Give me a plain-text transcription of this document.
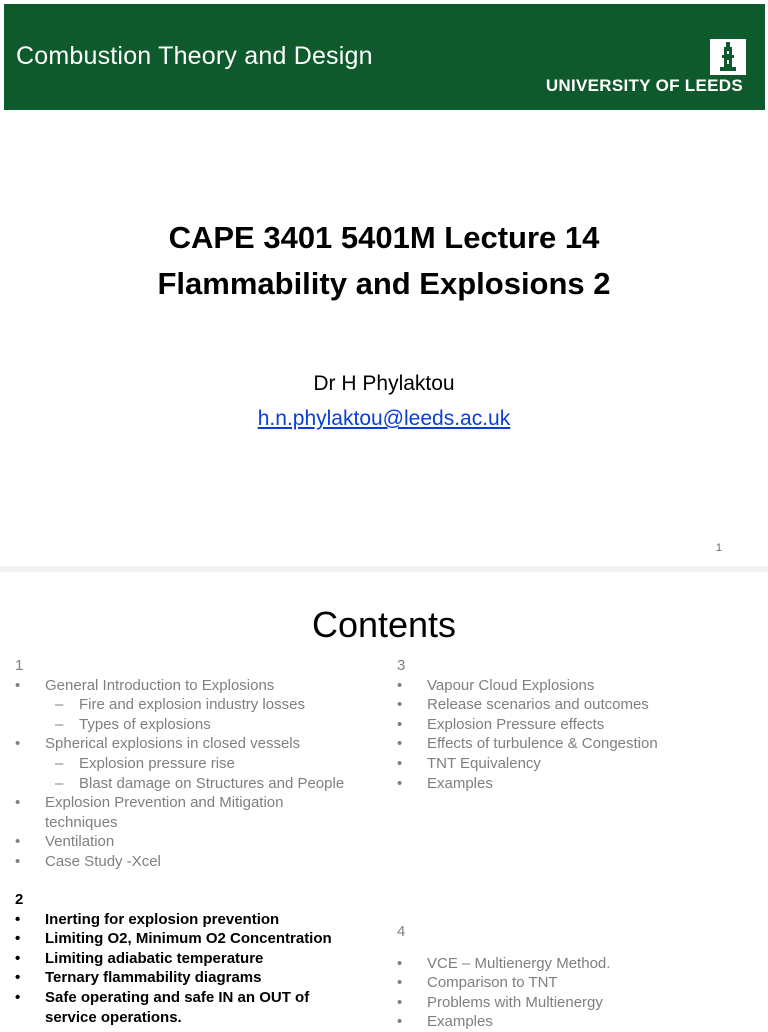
Combustion Theory and Design
UNIVERSITY OF LEEDS
CAPE 3401 5401M Lecture 14
Flammability and Explosions 2
Dr H Phylaktou
h.n.phylaktou@leeds.ac.uk
1
Contents
1
• General Introduction to Explosions
– Fire and explosion industry losses
– Types of explosions
• Spherical explosions in closed vessels
– Explosion pressure rise
– Blast damage on Structures and People
• Explosion Prevention and Mitigation techniques
• Ventilation
• Case Study -Xcel
2
• Inerting for explosion prevention
• Limiting O2, Minimum O2 Concentration
• Limiting adiabatic temperature
• Ternary flammability diagrams
• Safe operating and safe IN an OUT of service operations.
3
• Vapour Cloud Explosions
• Release scenarios and outcomes
• Explosion Pressure effects
• Effects of turbulence & Congestion
• TNT Equivalency
• Examples
4
• VCE – Multienergy Method.
• Comparison to TNT
• Problems with Multienergy
• Examples
